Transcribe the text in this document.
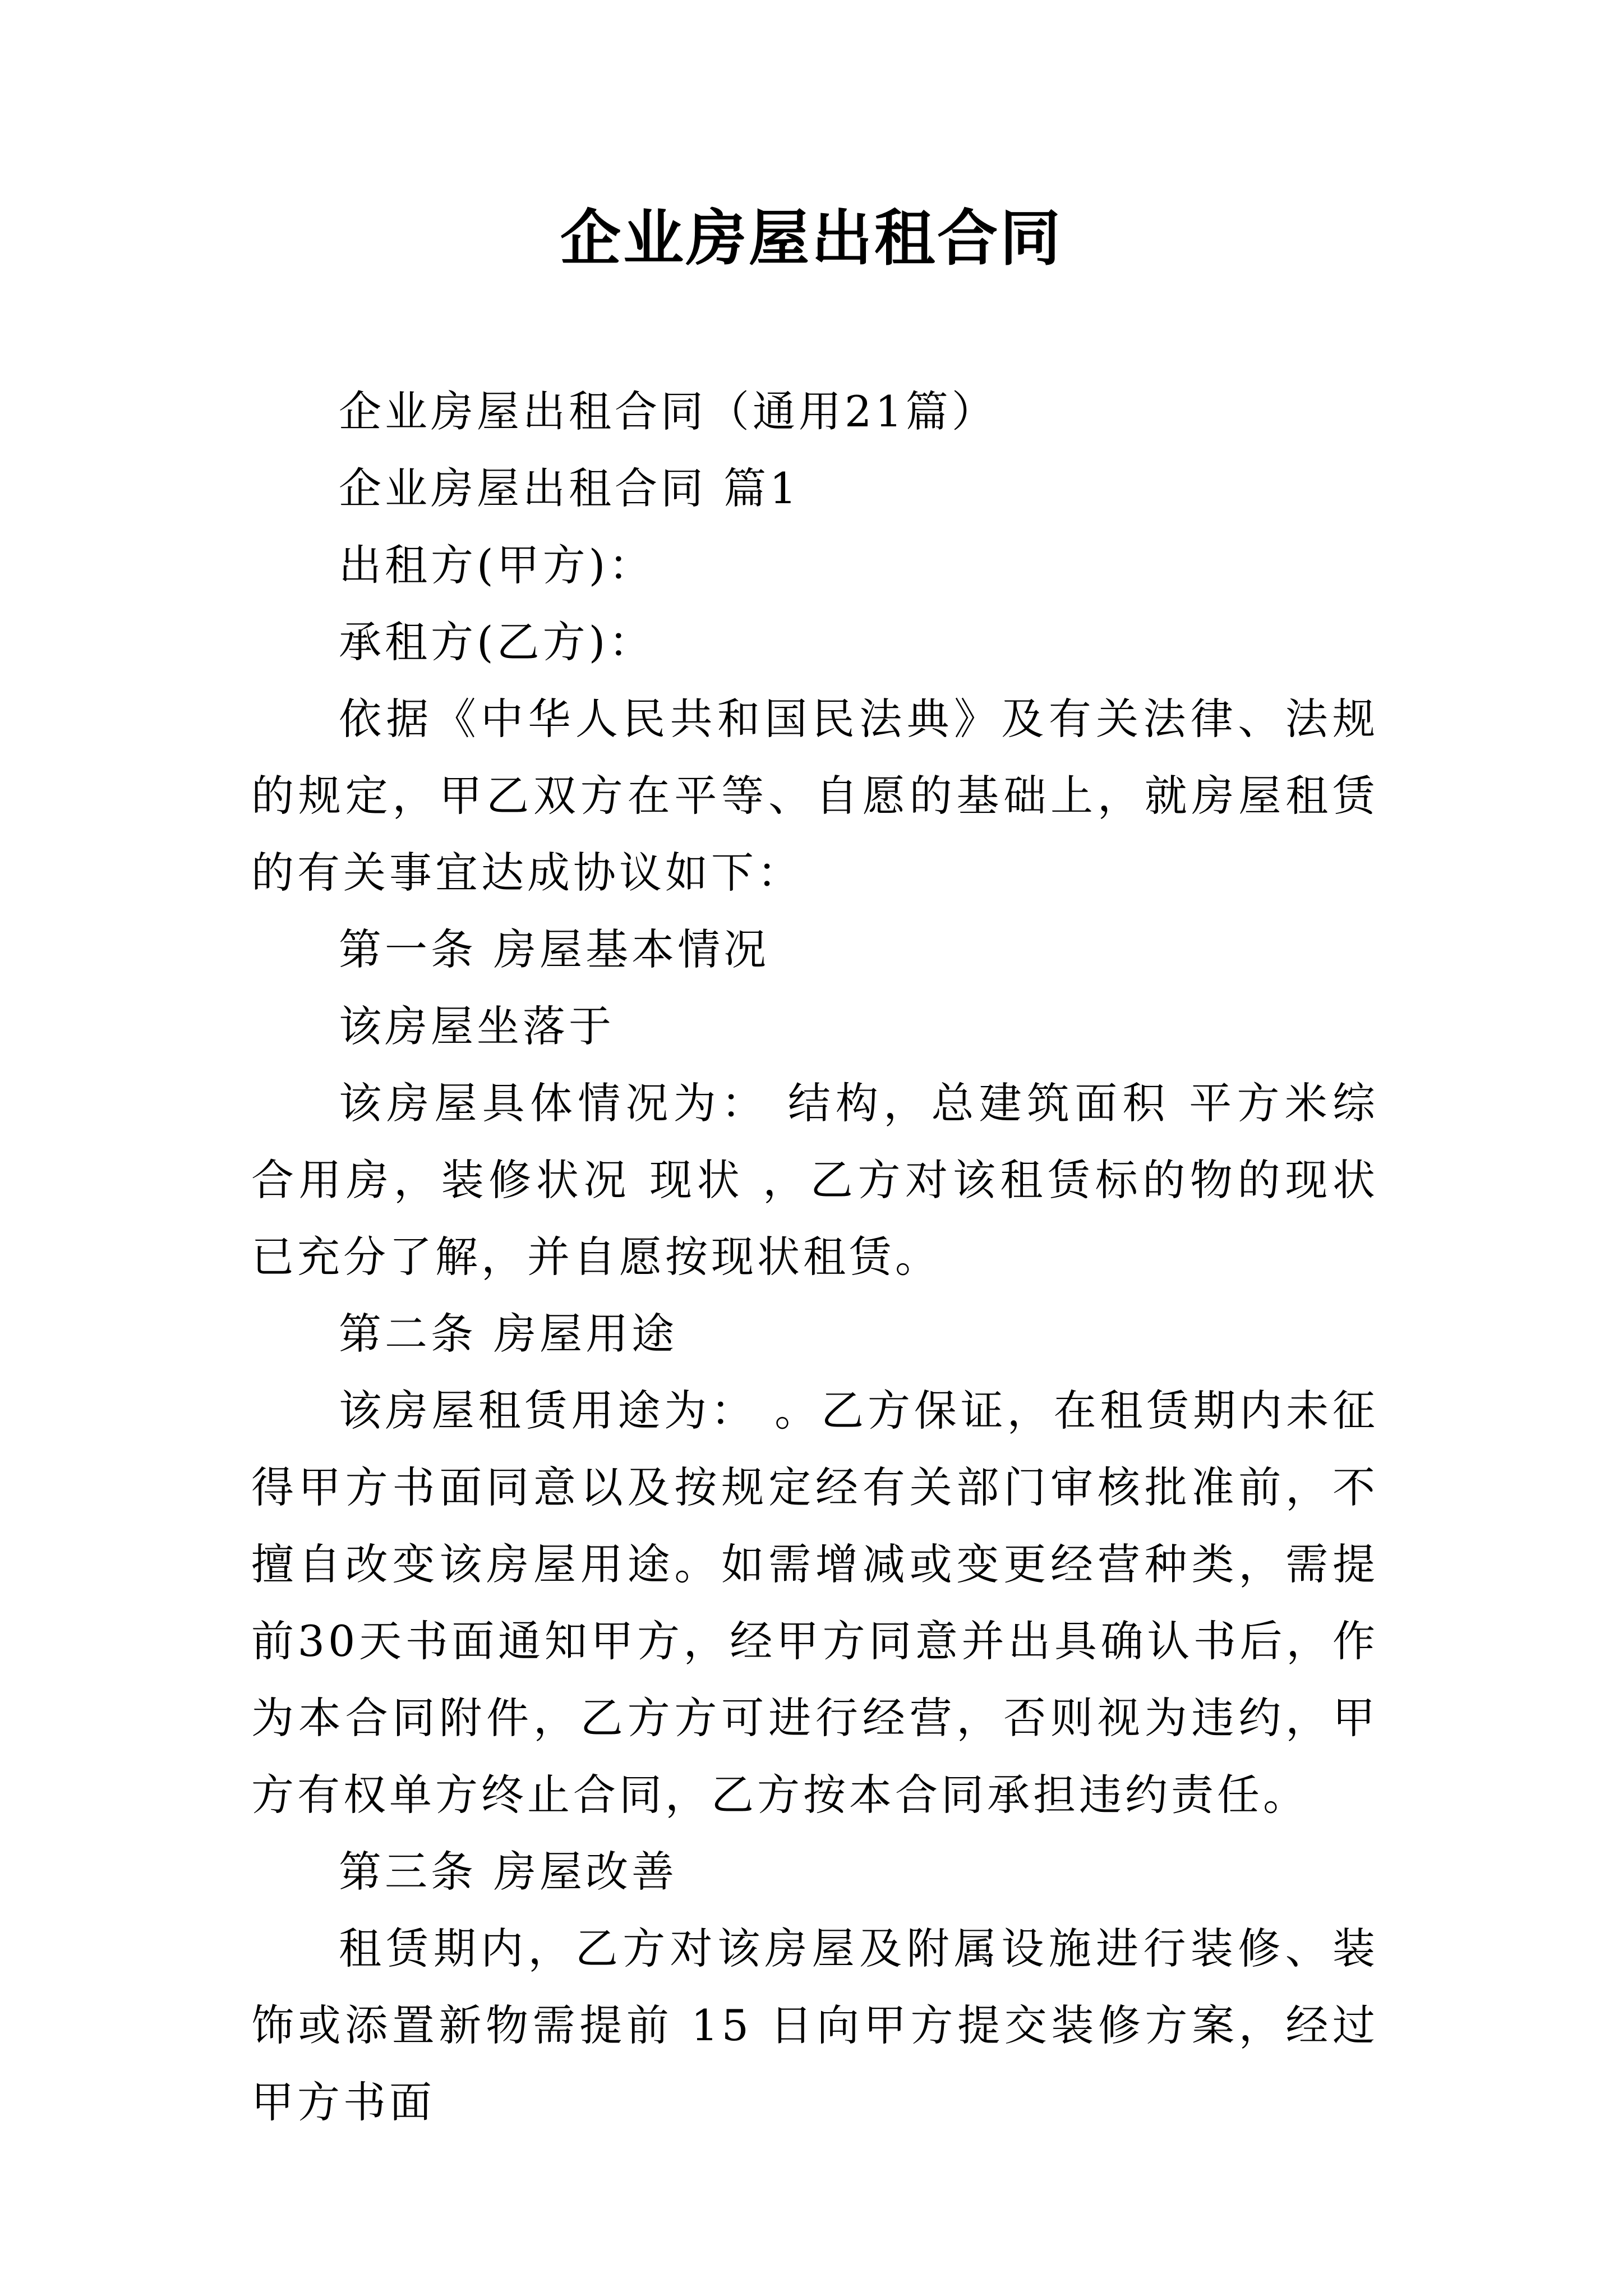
企业房屋出租合同

企业房屋出租合同（通用21篇）

企业房屋出租合同 篇1

出租方(甲方)：

承租方(乙方)：

依据《中华人民共和国民法典》及有关法律、法规的规定，甲乙双方在平等、自愿的基础上，就房屋租赁的有关事宜达成协议如下：

第一条 房屋基本情况

该房屋坐落于

该房屋具体情况为： 结构，总建筑面积 平方米综合用房，装修状况 现状 ，乙方对该租赁标的物的现状已充分了解，并自愿按现状租赁。

第二条 房屋用途

该房屋租赁用途为： 。乙方保证，在租赁期内未征得甲方书面同意以及按规定经有关部门审核批准前，不擅自改变该房屋用途。如需增减或变更经营种类，需提前30天书面通知甲方，经甲方同意并出具确认书后，作为本合同附件，乙方方可进行经营，否则视为违约，甲方有权单方终止合同，乙方按本合同承担违约责任。

第三条 房屋改善

租赁期内，乙方对该房屋及附属设施进行装修、装饰或添置新物需提前 15 日向甲方提交装修方案，经过甲方书面
